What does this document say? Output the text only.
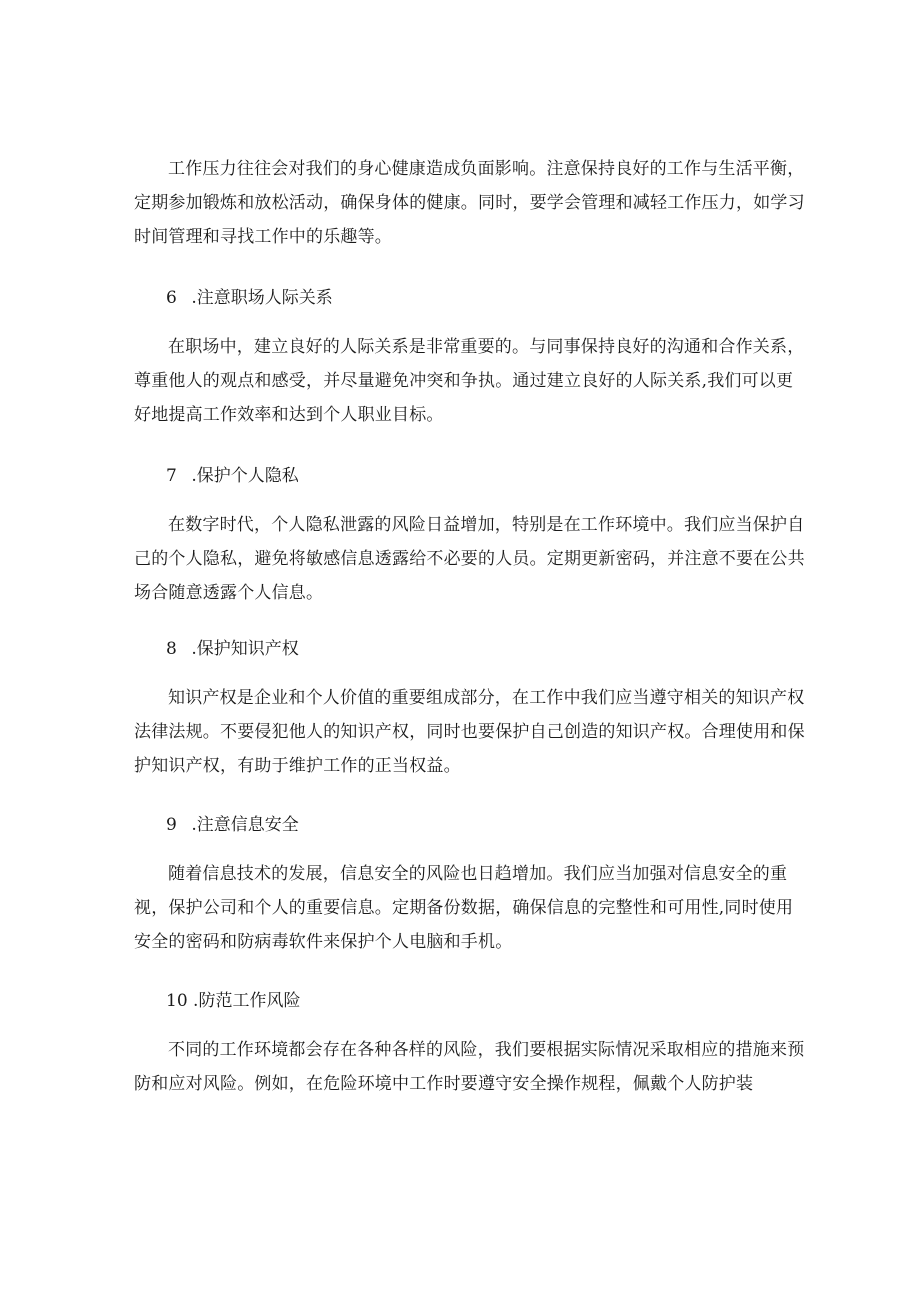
工作压力往往会对我们的身心健康造成负面影响。注意保持良好的工作与生活平衡，定期参加锻炼和放松活动，确保身体的健康。同时，要学会管理和减轻工作压力，如学习时间管理和寻找工作中的乐趣等。

6 .注意职场人际关系

在职场中，建立良好的人际关系是非常重要的。与同事保持良好的沟通和合作关系，尊重他人的观点和感受，并尽量避免冲突和争执。通过建立良好的人际关系,我们可以更好地提高工作效率和达到个人职业目标。

7 .保护个人隐私

在数字时代，个人隐私泄露的风险日益增加，特别是在工作环境中。我们应当保护自己的个人隐私，避免将敏感信息透露给不必要的人员。定期更新密码，并注意不要在公共场合随意透露个人信息。

8 .保护知识产权

知识产权是企业和个人价值的重要组成部分，在工作中我们应当遵守相关的知识产权法律法规。不要侵犯他人的知识产权，同时也要保护自己创造的知识产权。合理使用和保护知识产权，有助于维护工作的正当权益。

9 .注意信息安全

随着信息技术的发展，信息安全的风险也日趋增加。我们应当加强对信息安全的重视，保护公司和个人的重要信息。定期备份数据，确保信息的完整性和可用性,同时使用安全的密码和防病毒软件来保护个人电脑和手机。

10 .防范工作风险

不同的工作环境都会存在各种各样的风险，我们要根据实际情况采取相应的措施来预防和应对风险。例如，在危险环境中工作时要遵守安全操作规程，佩戴个人防护装
